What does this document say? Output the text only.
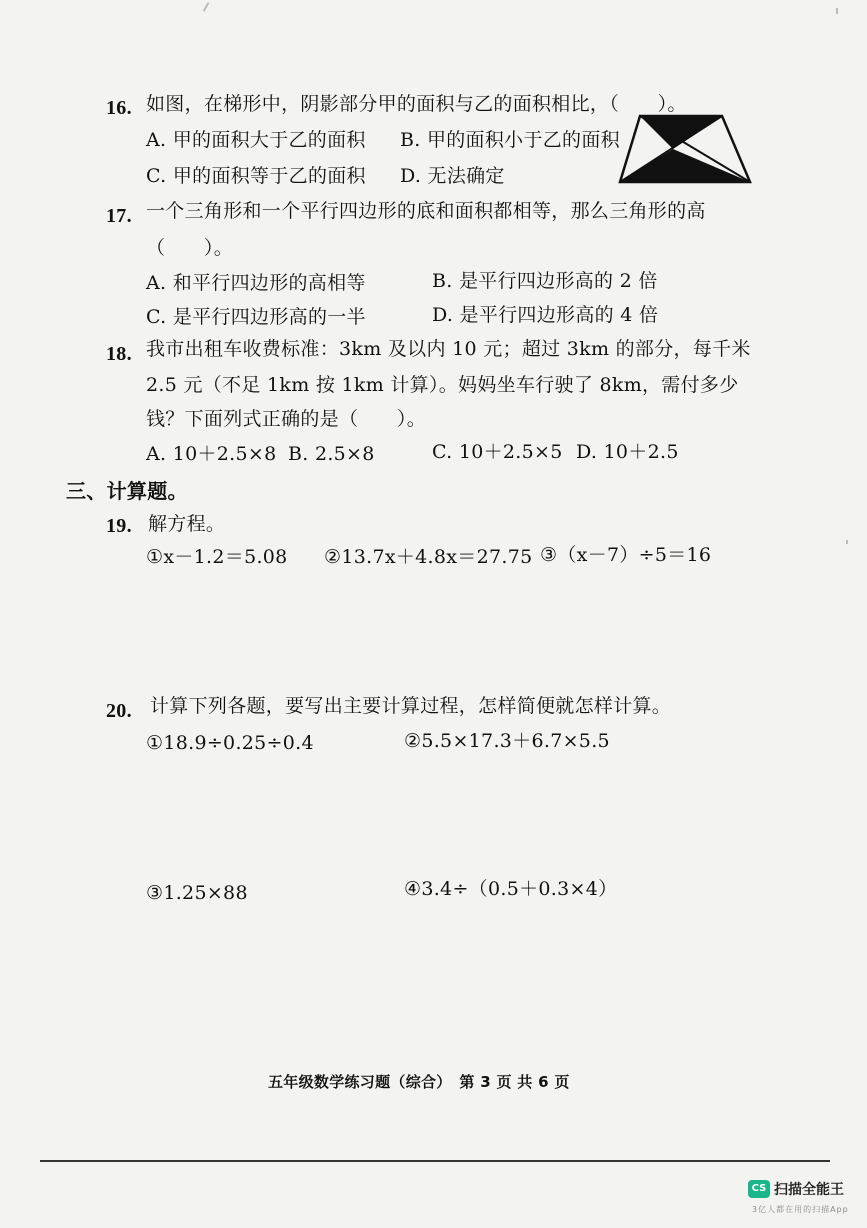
16. 如图，在梯形中，阴影部分甲的面积与乙的面积相比，（　　）。
A. 甲的面积大于乙的面积 B. 甲的面积小于乙的面积
C. 甲的面积等于乙的面积 D. 无法确定
17. 一个三角形和一个平行四边形的底和面积都相等，那么三角形的高
（　　）。
A. 和平行四边形的高相等	B. 是平行四边形高的 2 倍
C. 是平行四边形高的一半	D. 是平行四边形高的 4 倍
18. 我市出租车收费标准：3km 及以内 10 元；超过 3km 的部分，每千米
2.5 元（不足 1km 按 1km 计算）。妈妈坐车行驶了 8km，需付多少
钱？下面列式正确的是（　　）。
A. 10＋2.5×8 B. 2.5×8	C. 10＋2.5×5 D. 10＋2.5
三、计算题。
19. 解方程。
①x－1.2＝5.08 ②13.7x＋4.8x＝27.75 ③（x－7）÷5＝16
20. 计算下列各题，要写出主要计算过程，怎样简便就怎样计算。
①18.9÷0.25÷0.4	②5.5×17.3＋6.7×5.5
③1.25×88	④3.4÷（0.5＋0.3×4）
五年级数学练习题（综合）　第 3 页 共 6 页
CS 扫描全能王
3亿人都在用的扫描App
